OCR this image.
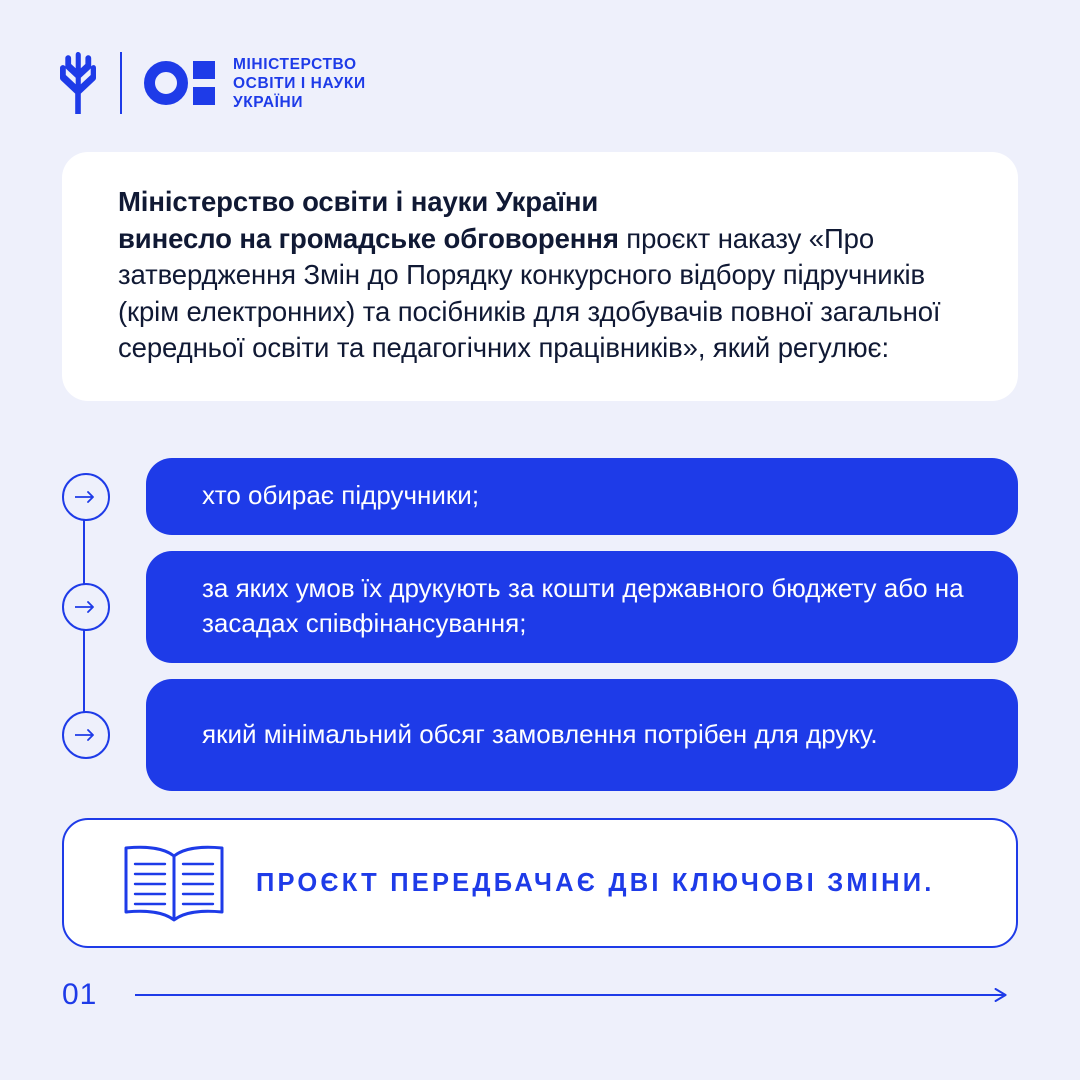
МІНІСТЕРСТВО
ОСВІТИ І НАУКИ
УКРАЇНИ
Міністерство освіти і науки України
винесло на громадське обговорення проєкт наказу «Про затвердження Змін до Порядку конкурсного відбору підручників (крім електронних) та посібників для здобувачів повної загальної середньої освіти та педагогічних працівників», який регулює:
хто обирає підручники;
за яких умов їх друкують за кошти державного бюджету або на засадах співфінансування;
який мінімальний обсяг замовлення потрібен для друку.
ПРОЄКТ ПЕРЕДБАЧАЄ ДВІ КЛЮЧОВІ ЗМІНИ.
01
